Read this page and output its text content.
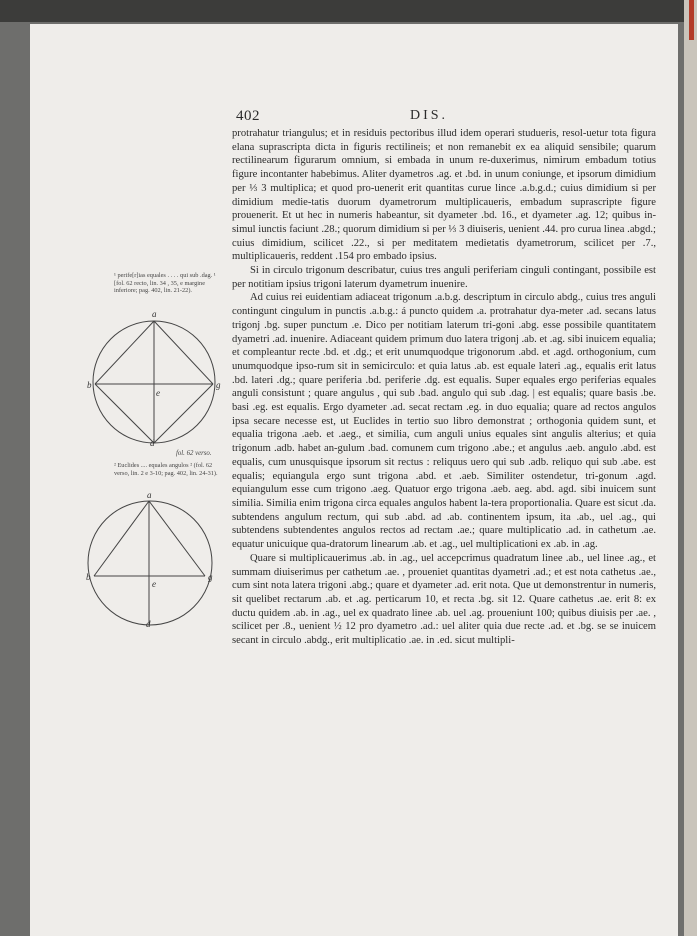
402	DIS.
¹ perife[r]ias equales . . . . qui sub .dag. ¹ [fol. 62 recto, lin. 34 , 35, e margine inferiore; pag. 402, lin. 21-22).
a
b	g
e
d
fol. 62 verso.
² Euclides .... equales angulos ² (fol. 62 verso, lin. 2 e 3-10; pag. 402, lin. 24-31).
a
b	g
e
d

protrahatur triangulus; et in residuis pectoribus illud idem operari studueris, resol-uetur tota figura elana suprascripta dicta in figuris rectilineis; et non remanebit ex ea aliquid sensibile; quarum rectilinearum figurarum omnium, si embada in unum re-duxerimus, nimirum embadum totius figure incontanter habebimus. Aliter dyametros .ag. et .bd. in unum coniunge, et ipsorum dimidium per ⅓ 3 multiplica; et quod pro-uenerit erit quantitas curue lince .a.b.g.d.; cuius dimidium si per dimidium medie-tatis duorum dyametrorum multiplicaueris, embadum suprascripte figure prouenerit. Et ut hec in numeris habeantur, sit dyameter .bd. 16., et dyameter .ag. 12; quibus in-simul iunctis faciunt .28.; quorum dimidium si per ⅓ 3 diuiseris, uenient .44. pro curua linea .abgd.; cuius dimidium, scilicet .22., si per meditatem medietatis dyametrorum, scilicet per .7., multiplicaueris, reddent .154 pro embado ipsius.

Si in circulo trigonum describatur, cuius tres anguli periferiam cinguli contingant, possibile est per notitiam ipsius trigoni laterum dyametrum inuenire.

Ad cuius rei euidentiam adiaceat trigonum .a.b.g. descriptum in circulo abdg., cuius tres anguli contingunt cingulum in punctis .a.b.g.: á puncto quidem .a. protrahatur dya-meter .ad. secans latus trigonj .bg. super punctum .e. Dico per notitiam laterum tri-goni .abg. esse possibile quantitatem dyametri .ad. inuenire. Adiaceant quidem primum duo latera trigonj .ab. et .ag. sibi inuicem equalia; et compleantur recte .bd. et .dg.; et erit unumquodque trigonorum .abd. et .agd. orthogonium, cum unumquodque ipso-rum sit in semicirculo: et quia latus .ab. est equale lateri .ag., equalis erit latus .bd. lateri .dg.; quare periferia .bd. periferie .dg. est equalis. Super equales ergo periferias equales anguli consistunt ; quare angulus , qui sub .bad. angulo qui sub .dag. | est equalis; quare basis .be. basi .eg. est equalis. Ergo dyameter .ad. secat rectam .eg. in duo equalia; quare ad rectos angulos ipsa secare necesse est, ut Euclides in tertio suo libro demonstrat ; orthogonia quidem sunt, et equalia trigona .aeb. et .aeg., et similia, cum anguli unius equales sint angulis alterius; et quia trigonum .adb. habet an-gulum .bad. comunem cum trigono .abe.; et angulus .aeb. angulo .abd. est equalis, cum unusquisque ipsorum sit rectus : reliquus uero qui sub .adb. reliquo qui sub .abe. est equalis; equiangula ergo sunt trigona .abd. et .aeb. Similiter ostendetur, tri-gonum .agd. equiangulum esse cum trigono .aeg. Quatuor ergo trigona .aeb. aeg. abd. agd. sibi inuicem sunt similia. Similia enim trigona circa equales angulos habent la-tera proportionalia. Quare est sicut .da. subtendens angulum rectum, qui sub .abd. ad .ab. continentem ipsum, ita .ab., uel .ag., qui subtendens subtendentes angulos rectos ad rectam .ae.; quare multiplicatio .ad. in cathetum .ae. equatur unicuique qua-dratorum linearum .ab. et .ag., uel multiplicationi ex .ab. in .ag.

Quare si multiplicauerimus .ab. in .ag., uel accepcrimus quadratum linee .ab., uel linee .ag., et summam diuiserimus per cathetum .ae. , proueniet quantitas dyametri .ad.; et est nota cathetus .ae., cum sint nota latera trigoni .abg.; quare et dyameter .ad. erit nota. Que ut demonstrentur in numeris, sit quelibet rectarum .ab. et .ag. perticarum 10, et recta .bg. sit 12. Quare cathetus .ae. erit 8: ex ductu quidem .ab. in .ag., uel ex quadrato linee .ab. uel .ag. proueniunt 100; quibus diuisis per .ae. , scilicet per .8., uenient ½ 12 pro dyametro .ad.: uel aliter quia due recte .ad. et .bg. se se inuicem secant in circulo .abdg., erit multiplicatio .ae. in .ed. sicut multipli-
